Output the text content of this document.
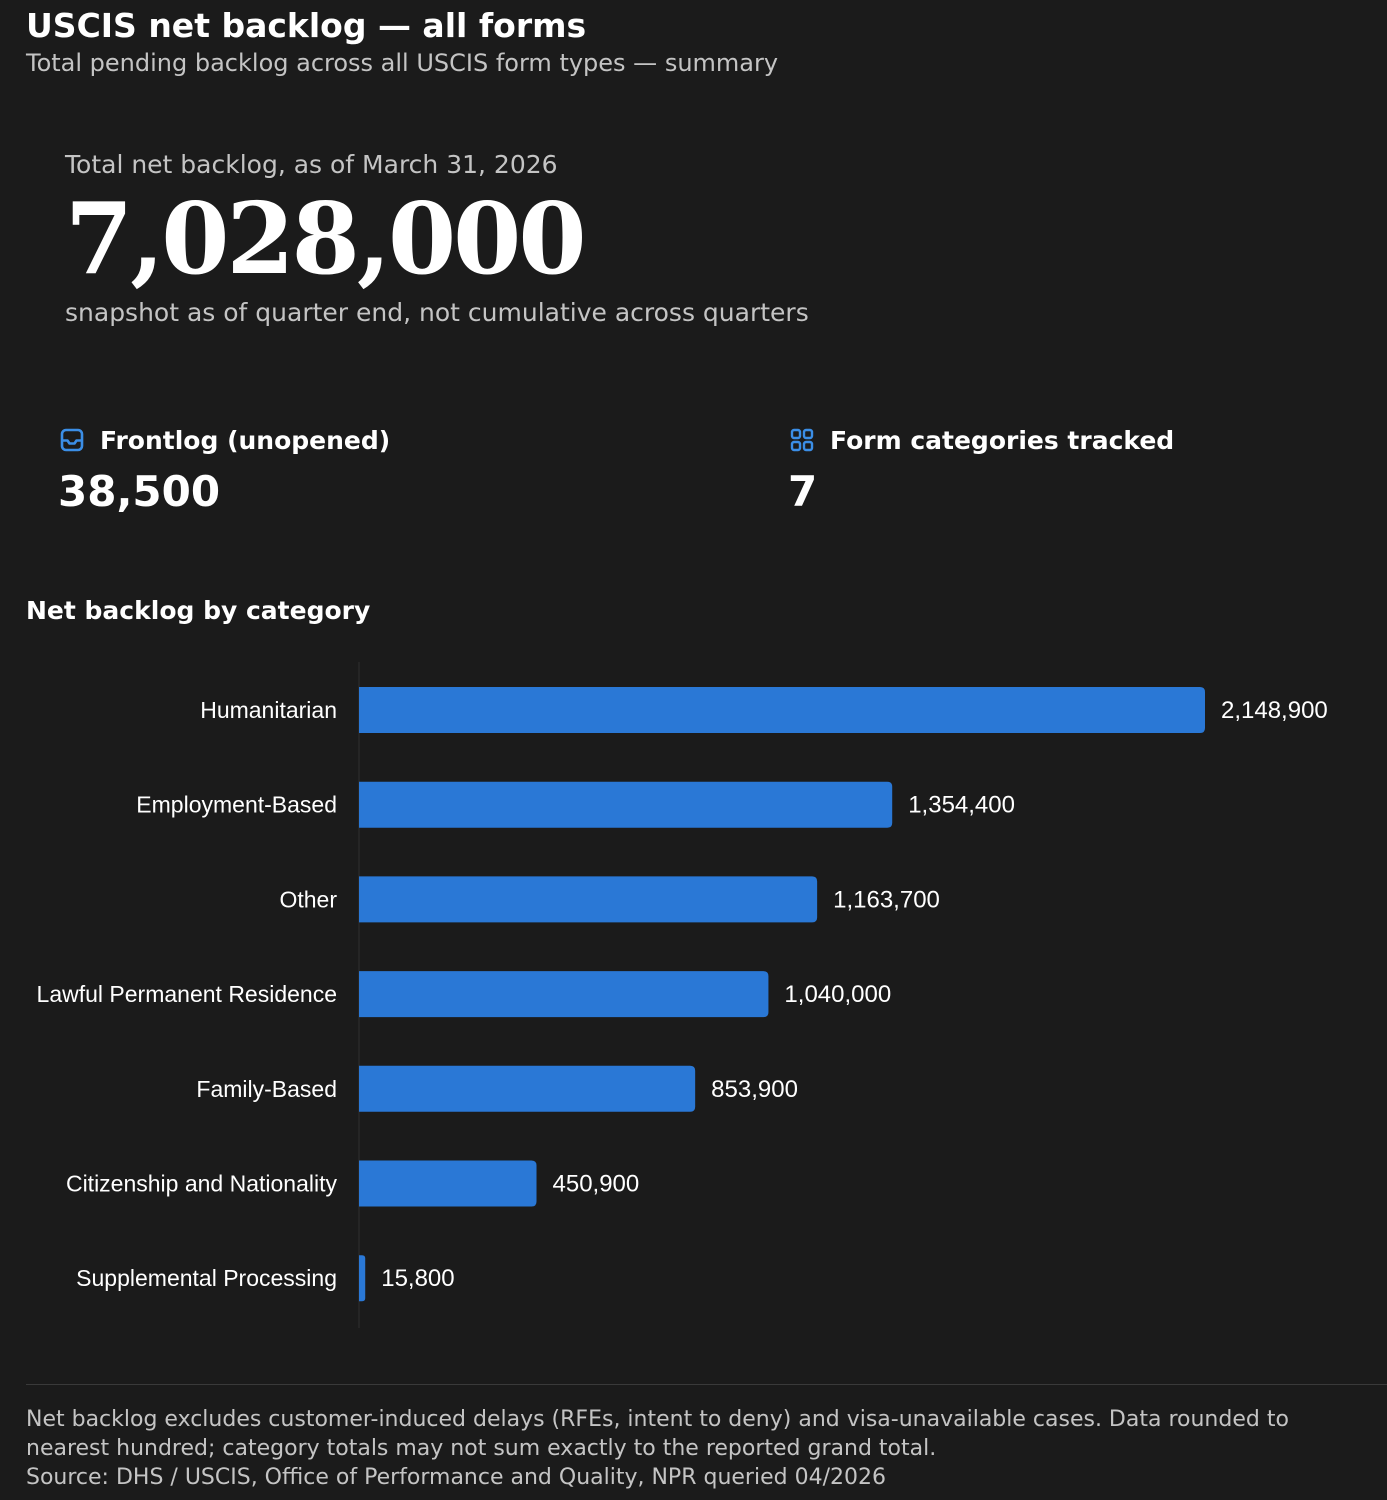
USCIS net backlog — all forms
Total pending backlog across all USCIS form types — summary
Total net backlog, as of March 31, 2026
7,028,000
snapshot as of quarter end, not cumulative across quarters
Frontlog (unopened)
38,500
Form categories tracked
7
Net backlog by category
Humanitarian	2,148,900
Employment-Based	1,354,400
Other	1,163,700
Lawful Permanent Residence	1,040,000
Family-Based	853,900
Citizenship and Nationality	450,900
Supplemental Processing 15,800
Net backlog excludes customer-induced delays (RFEs, intent to deny) and visa-unavailable cases. Data rounded to nearest hundred; category totals may not sum exactly to the reported grand total.
Source: DHS / USCIS, Office of Performance and Quality, NPR queried 04/2026
